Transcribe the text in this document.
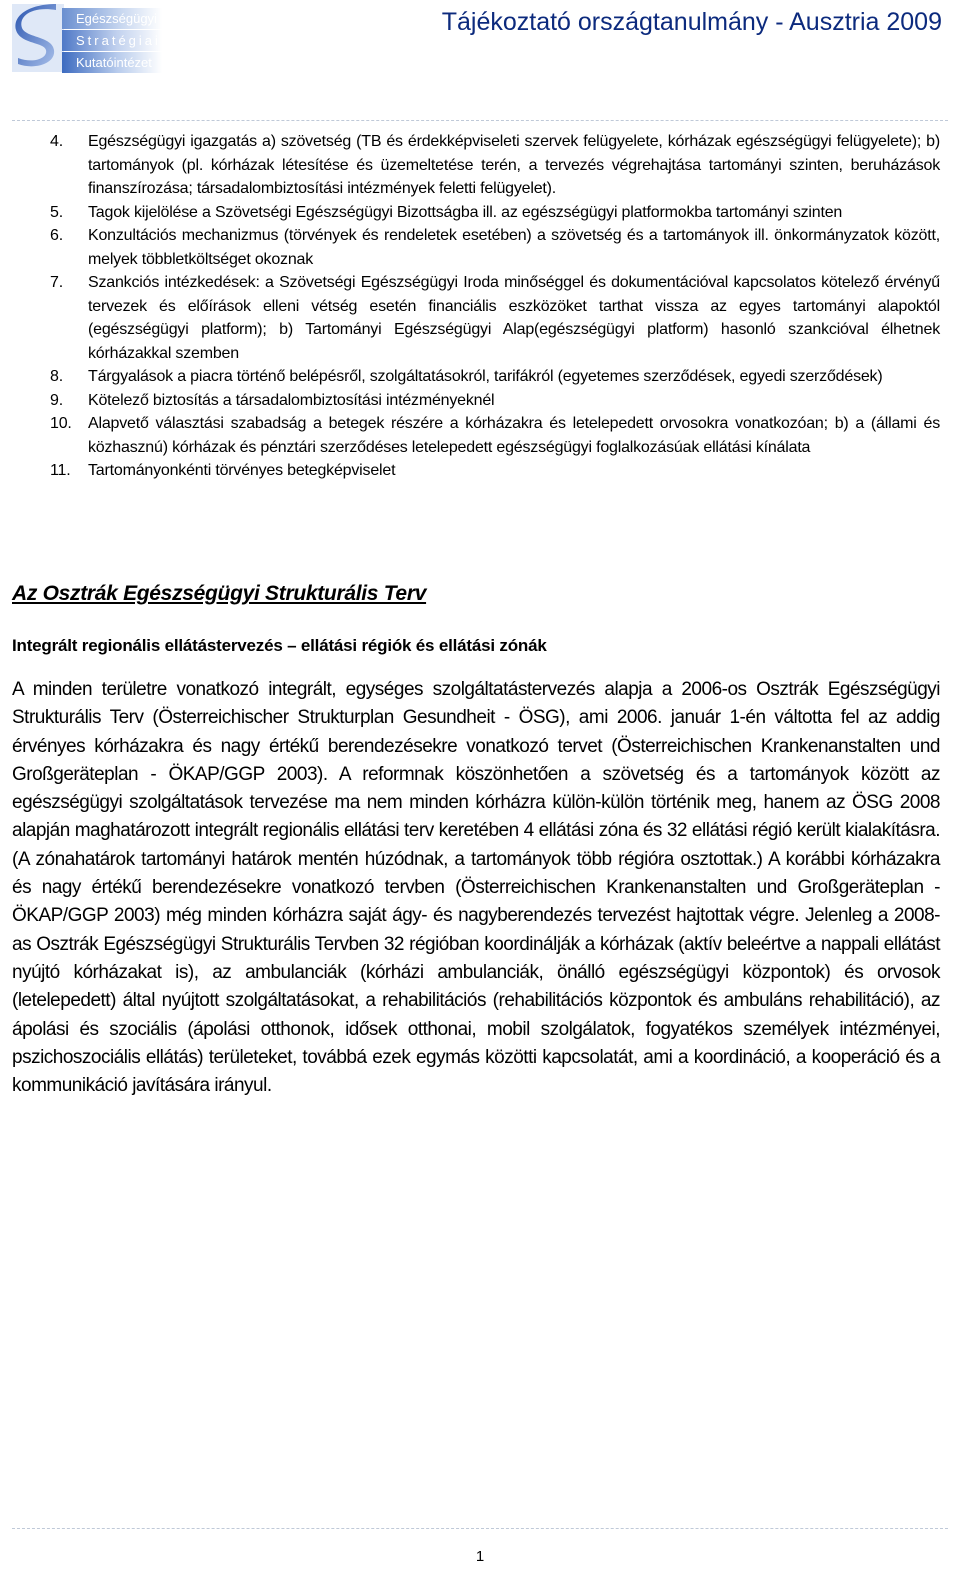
Egészségügyi
Stratégiai
Kutatóintézet
Tájékoztató országtanulmány - Ausztria 2009
4.	Egészségügyi igazgatás a) szövetség (TB és érdekképviseleti szervek felügyelete, kórházak egészségügyi felügyelete); b) tartományok (pl. kórházak létesítése és üzemeltetése terén, a tervezés végrehajtása tartományi szinten, beruházások finanszírozása; társadalombiztosítási intézmények feletti felügyelet).
5.	Tagok kijelölése a Szövetségi Egészségügyi Bizottságba ill. az egészségügyi platformokba tartományi szinten
6.	Konzultációs mechanizmus (törvények és rendeletek esetében) a szövetség és a tartományok ill. önkormányzatok között, melyek többletköltséget okoznak
7.	Szankciós intézkedések: a Szövetségi Egészségügyi Iroda minőséggel és dokumentációval kapcsolatos kötelező érvényű tervezek és előírások elleni vétség esetén financiális eszközöket tarthat vissza az egyes tartományi alapoktól (egészségügyi platform); b) Tartományi Egészségügyi Alap(egészségügyi platform) hasonló szankcióval élhetnek kórházakkal szemben
8.	Tárgyalások a piacra történő belépésről, szolgáltatásokról, tarifákról (egyetemes szerződések, egyedi szerződések)
9.	Kötelező biztosítás a társadalombiztosítási intézményeknél
10.	Alapvető választási szabadság a betegek részére a kórházakra és letelepedett orvosokra vonatkozóan; b) a (állami és közhasznú) kórházak és pénztári szerződéses letelepedett egészségügyi foglalkozásúak ellátási kínálata
11.	Tartományonkénti törvényes betegképviselet
Az Osztrák Egészségügyi Strukturális Terv
Integrált regionális ellátástervezés – ellátási régiók és ellátási zónák
A minden területre vonatkozó integrált, egységes szolgáltatástervezés alapja a 2006-os Osztrák Egészségügyi Strukturális Terv (Österreichischer Strukturplan Gesundheit - ÖSG), ami 2006. január 1-én váltotta fel az addig érvényes kórházakra és nagy értékű berendezésekre vonatkozó tervet (Österreichischen Krankenanstalten und Großgeräteplan - ÖKAP/GGP 2003). A reformnak köszönhetően a szövetség és a tartományok között az egészségügyi szolgáltatások tervezése ma nem minden kórházra külön-külön történik meg, hanem az ÖSG 2008 alapján maghatározott integrált regionális ellátási terv keretében 4 ellátási zóna és 32 ellátási régió került kialakításra. (A zónahatárok tartományi határok mentén húzódnak, a tartományok több régióra osztottak.) A korábbi kórházakra és nagy értékű berendezésekre vonatkozó tervben (Österreichischen Krankenanstalten und Großgeräteplan - ÖKAP/GGP 2003) még minden kórházra saját ágy- és nagyberendezés tervezést hajtottak végre. Jelenleg a 2008-as Osztrák Egészségügyi Strukturális Tervben 32 régióban koordinálják a kórházak (aktív beleértve a nappali ellátást nyújtó kórházakat is), az ambulanciák (kórházi ambulanciák, önálló egészségügyi központok) és orvosok (letelepedett) által nyújtott szolgáltatásokat, a rehabilitációs (rehabilitációs központok és ambuláns rehabilitáció), az ápolási és szociális (ápolási otthonok, idősek otthonai, mobil szolgálatok, fogyatékos személyek intézményei, pszichoszociális ellátás) területeket, továbbá ezek egymás közötti kapcsolatát, ami a koordináció, a kooperáció és a kommunikáció javítására irányul.
1
